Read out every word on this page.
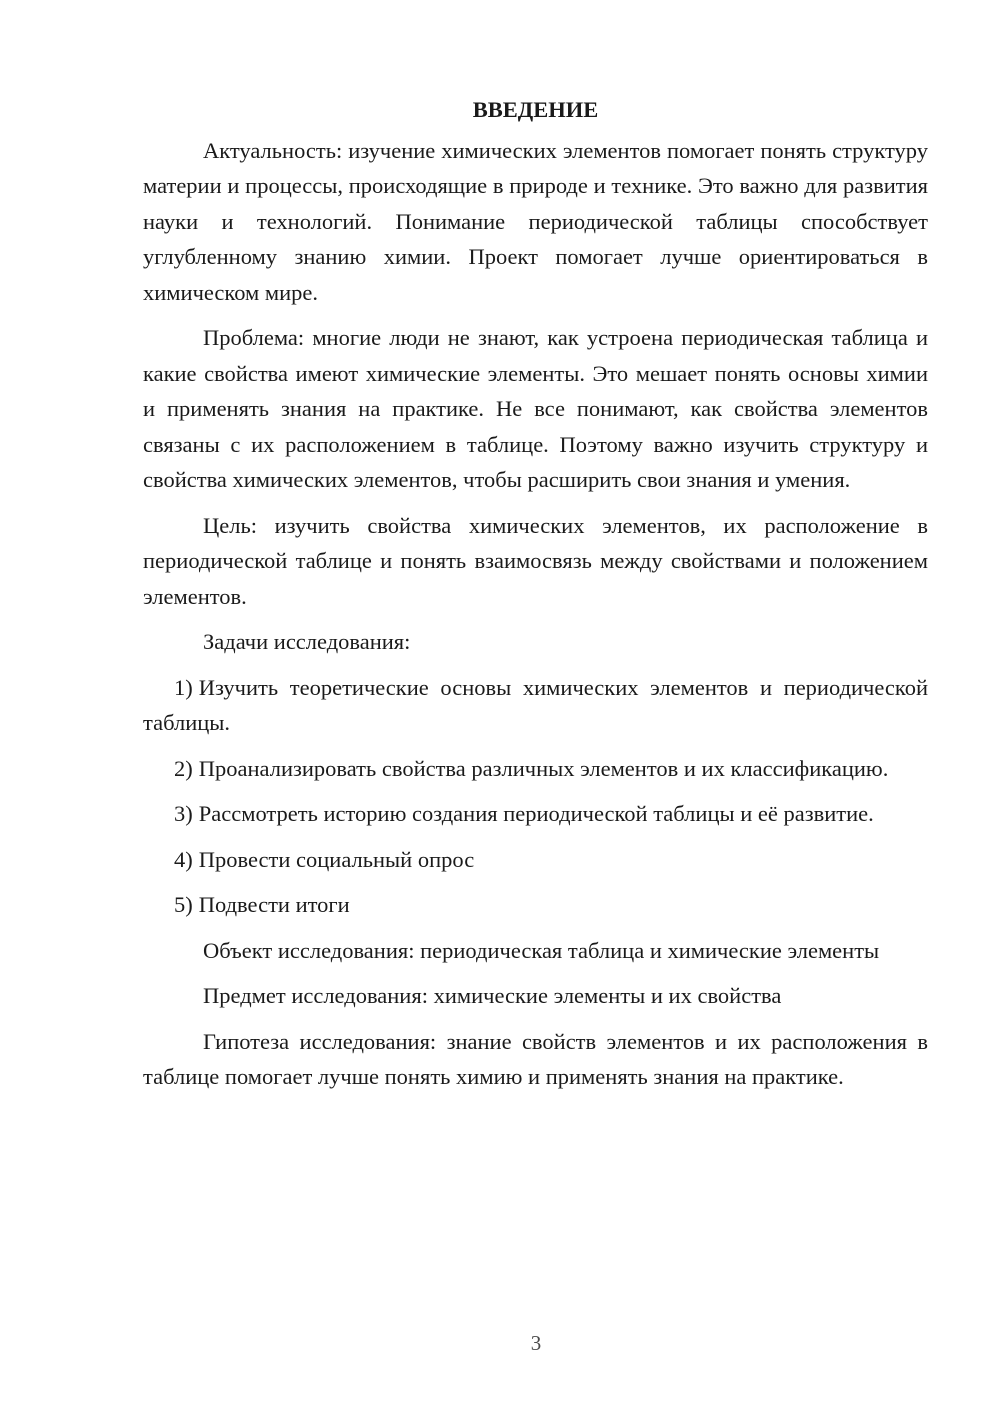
ВВЕДЕНИЕ

Актуальность: изучение химических элементов помогает понять структуру материи и процессы, происходящие в природе и технике. Это важно для развития науки и технологий. Понимание периодической таблицы способствует углубленному знанию химии. Проект помогает лучше ориентироваться в химическом мире.

Проблема: многие люди не знают, как устроена периодическая таблица и какие свойства имеют химические элементы. Это мешает понять основы химии и применять знания на практике. Не все понимают, как свойства элементов связаны с их расположением в таблице. Поэтому важно изучить структуру и свойства химических элементов, чтобы расширить свои знания и умения.

Цель: изучить свойства химических элементов, их расположение в периодической таблице и понять взаимосвязь между свойствами и положением элементов.

Задачи исследования:

1) Изучить теоретические основы химических элементов и периодической таблицы.

2) Проанализировать свойства различных элементов и их классификацию.

3) Рассмотреть историю создания периодической таблицы и её развитие.

4) Провести социальный опрос

5) Подвести итоги

Объект исследования: периодическая таблица и химические элементы

Предмет исследования: химические элементы и их свойства

Гипотеза исследования: знание свойств элементов и их расположения в таблице помогает лучше понять химию и применять знания на практике.

3
